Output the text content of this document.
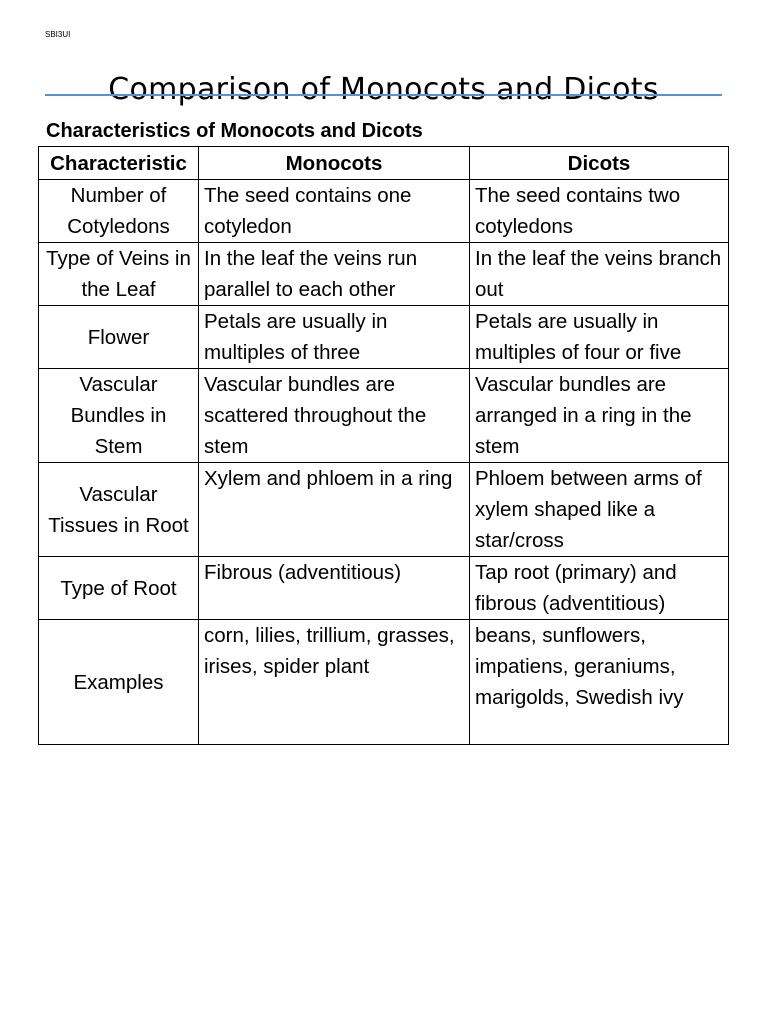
SBI3UI
Comparison of Monocots and Dicots
Characteristics of Monocots and Dicots
Characteristic	Monocots	Dicots
Number of Cotyledons	The seed contains one cotyledon	The seed contains two cotyledons
Type of Veins in the Leaf	In the leaf the veins run parallel to each other	In the leaf the veins branch out
Flower	Petals are usually in multiples of three	Petals are usually in multiples of four or five
Vascular Bundles in Stem	Vascular bundles are scattered throughout the stem	Vascular bundles are arranged in a ring in the stem
Vascular Tissues in Root	Xylem and phloem in a ring	Phloem between arms of xylem shaped like a star/cross
Type of Root	Fibrous (adventitious)	Tap root (primary) and fibrous (adventitious)
Examples	corn, lilies, trillium, grasses, irises, spider plant	beans, sunflowers, impatiens, geraniums, marigolds, Swedish ivy
